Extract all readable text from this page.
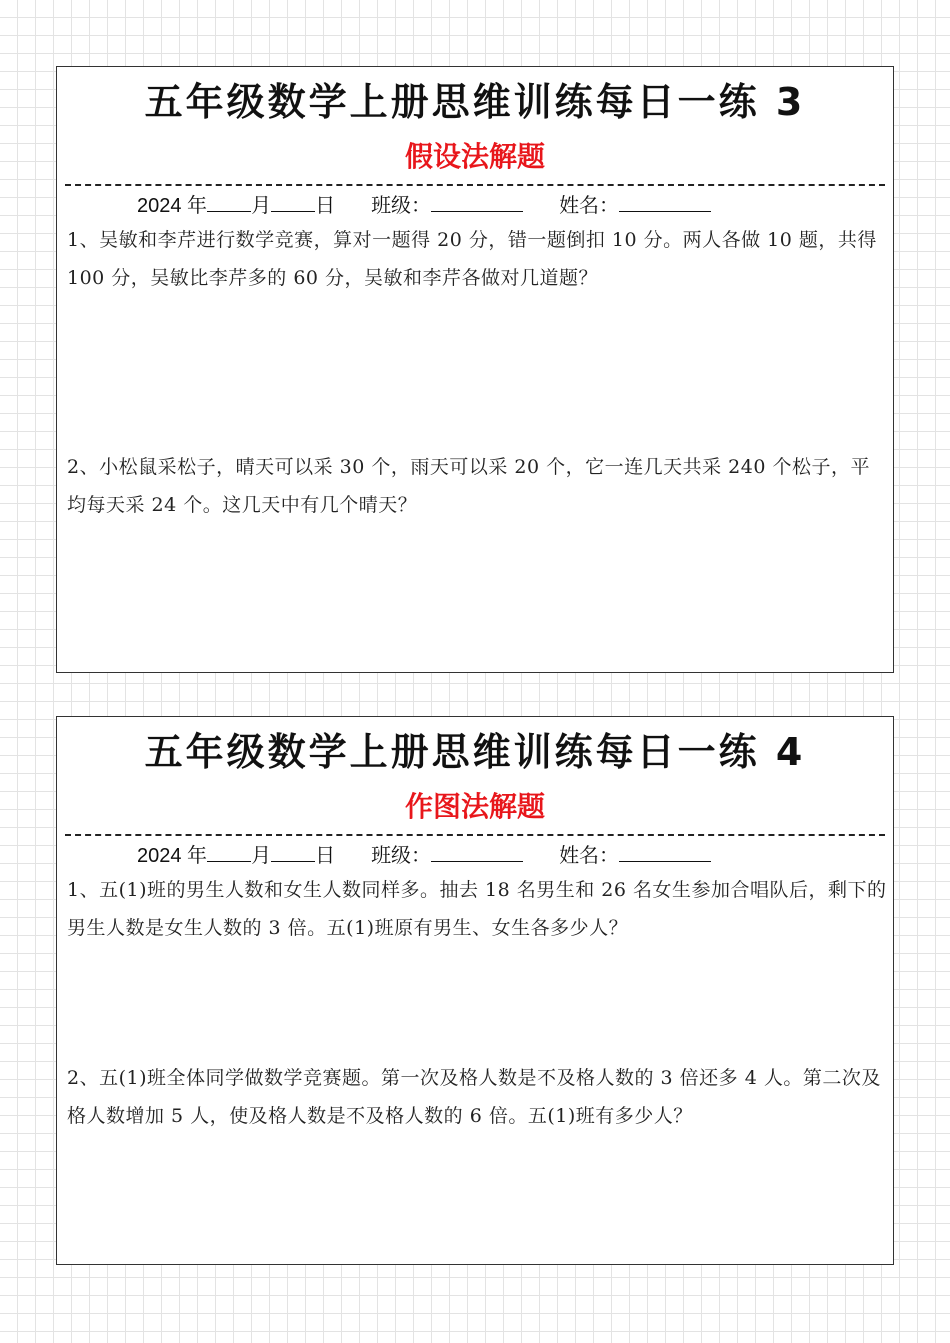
五年级数学上册思维训练每日一练 3
假设法解题
2024 年 月 日 班级：	姓名：
1、吴敏和李芹进行数学竞赛，算对一题得 20 分，错一题倒扣 10 分。两人各做 10 题，共得 100 分，吴敏比李芹多的 60 分，吴敏和李芹各做对几道题？
2、小松鼠采松子，晴天可以采 30 个，雨天可以采 20 个，它一连几天共采 240 个松子，平均每天采 24 个。这几天中有几个晴天？
五年级数学上册思维训练每日一练 4
作图法解题
2024 年 月 日 班级：	姓名：
1、五(1)班的男生人数和女生人数同样多。抽去 18 名男生和 26 名女生参加合唱队后，剩下的男生人数是女生人数的 3 倍。五(1)班原有男生、女生各多少人？
2、五(1)班全体同学做数学竞赛题。第一次及格人数是不及格人数的 3 倍还多 4 人。第二次及格人数增加 5 人，使及格人数是不及格人数的 6 倍。五(1)班有多少人？
